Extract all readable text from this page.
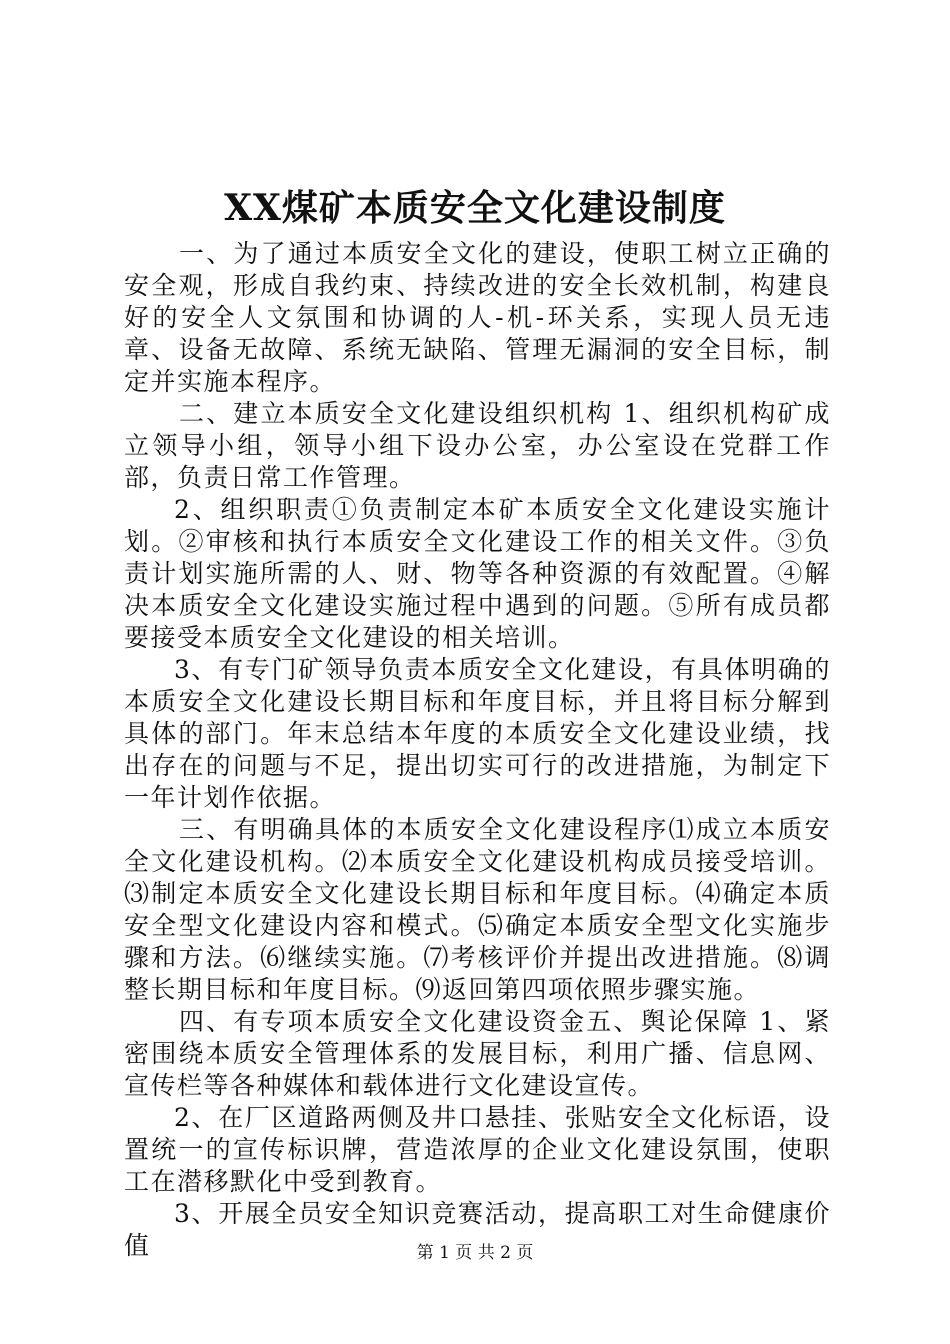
XX煤矿本质安全文化建设制度

一、为了通过本质安全文化的建设，使职工树立正确的安全观，形成自我约束、持续改进的安全长效机制，构建良好的安全人文氛围和协调的人-机-环关系，实现人员无违章、设备无故障、系统无缺陷、管理无漏洞的安全目标，制定并实施本程序。

二、建立本质安全文化建设组织机构 1、组织机构矿成立领导小组，领导小组下设办公室，办公室设在党群工作部，负责日常工作管理。

2、组织职责①负责制定本矿本质安全文化建设实施计划。②审核和执行本质安全文化建设工作的相关文件。③负责计划实施所需的人、财、物等各种资源的有效配置。④解决本质安全文化建设实施过程中遇到的问题。⑤所有成员都要接受本质安全文化建设的相关培训。

3、有专门矿领导负责本质安全文化建设，有具体明确的本质安全文化建设长期目标和年度目标，并且将目标分解到具体的部门。年末总结本年度的本质安全文化建设业绩，找出存在的问题与不足，提出切实可行的改进措施，为制定下一年计划作依据。

三、有明确具体的本质安全文化建设程序⑴成立本质安全文化建设机构。⑵本质安全文化建设机构成员接受培训。⑶制定本质安全文化建设长期目标和年度目标。⑷确定本质安全型文化建设内容和模式。⑸确定本质安全型文化实施步骤和方法。⑹继续实施。⑺考核评价并提出改进措施。⑻调整长期目标和年度目标。⑼返回第四项依照步骤实施。

四、有专项本质安全文化建设资金五、舆论保障 1、紧密围绕本质安全管理体系的发展目标，利用广播、信息网、宣传栏等各种媒体和载体进行文化建设宣传。

2、在厂区道路两侧及井口悬挂、张贴安全文化标语，设置统一的宣传标识牌，营造浓厚的企业文化建设氛围，使职工在潜移默化中受到教育。

3、开展全员安全知识竞赛活动，提高职工对生命健康价值	第 1 页 共 2 页
